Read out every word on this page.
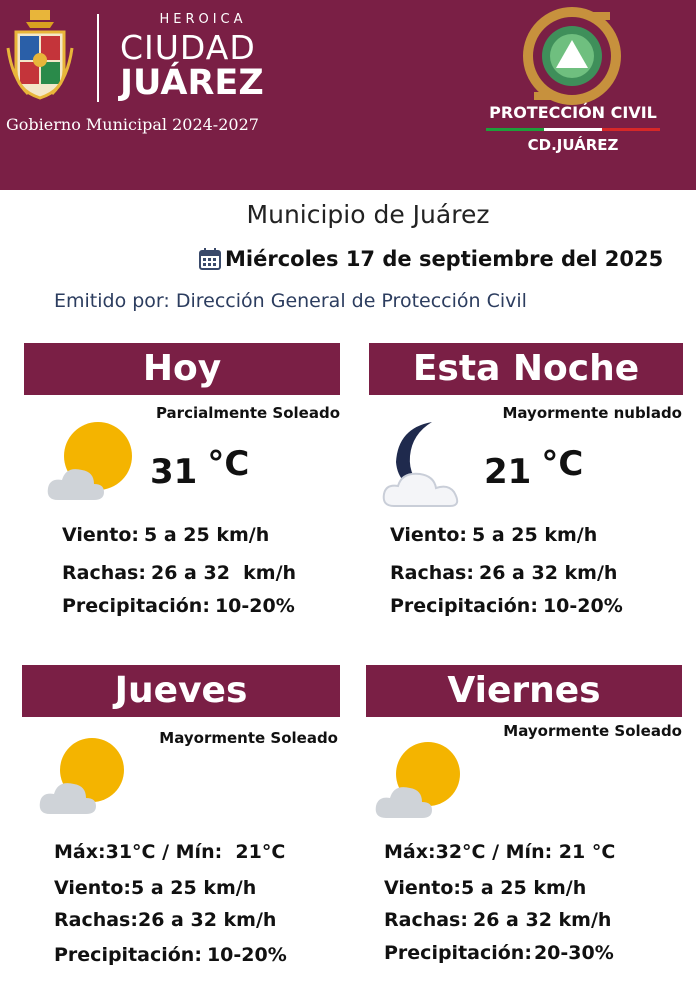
HEROICA
CIUDAD
JUÁREZ
Gobierno Municipal 2024-2027
PROTECCIÓN CIVIL
CD.JUÁREZ
Municipio de Juárez
Miércoles 17 de septiembre del 2025
Emitido por: Dirección General de Protección Civil
Hoy
Parcialmente Soleado
31 °C
Viento: 5 a 25 km/h
Rachas: 26 a 32  km/h
Precipitación: 10-20%
Esta Noche
Mayormente nublado
21 °C
Viento: 5 a 25 km/h
Rachas: 26 a 32 km/h
Precipitación: 10-20%
Jueves
Mayormente Soleado
Máx:31°C / Mín:  21°C
Viento:5 a 25 km/h
Rachas:26 a 32 km/h
Precipitación: 10-20%
Viernes
Mayormente Soleado
Máx:32°C / Mín: 21 °C
Viento:5 a 25 km/h
Rachas: 26 a 32 km/h
Precipitación: 20-30%
